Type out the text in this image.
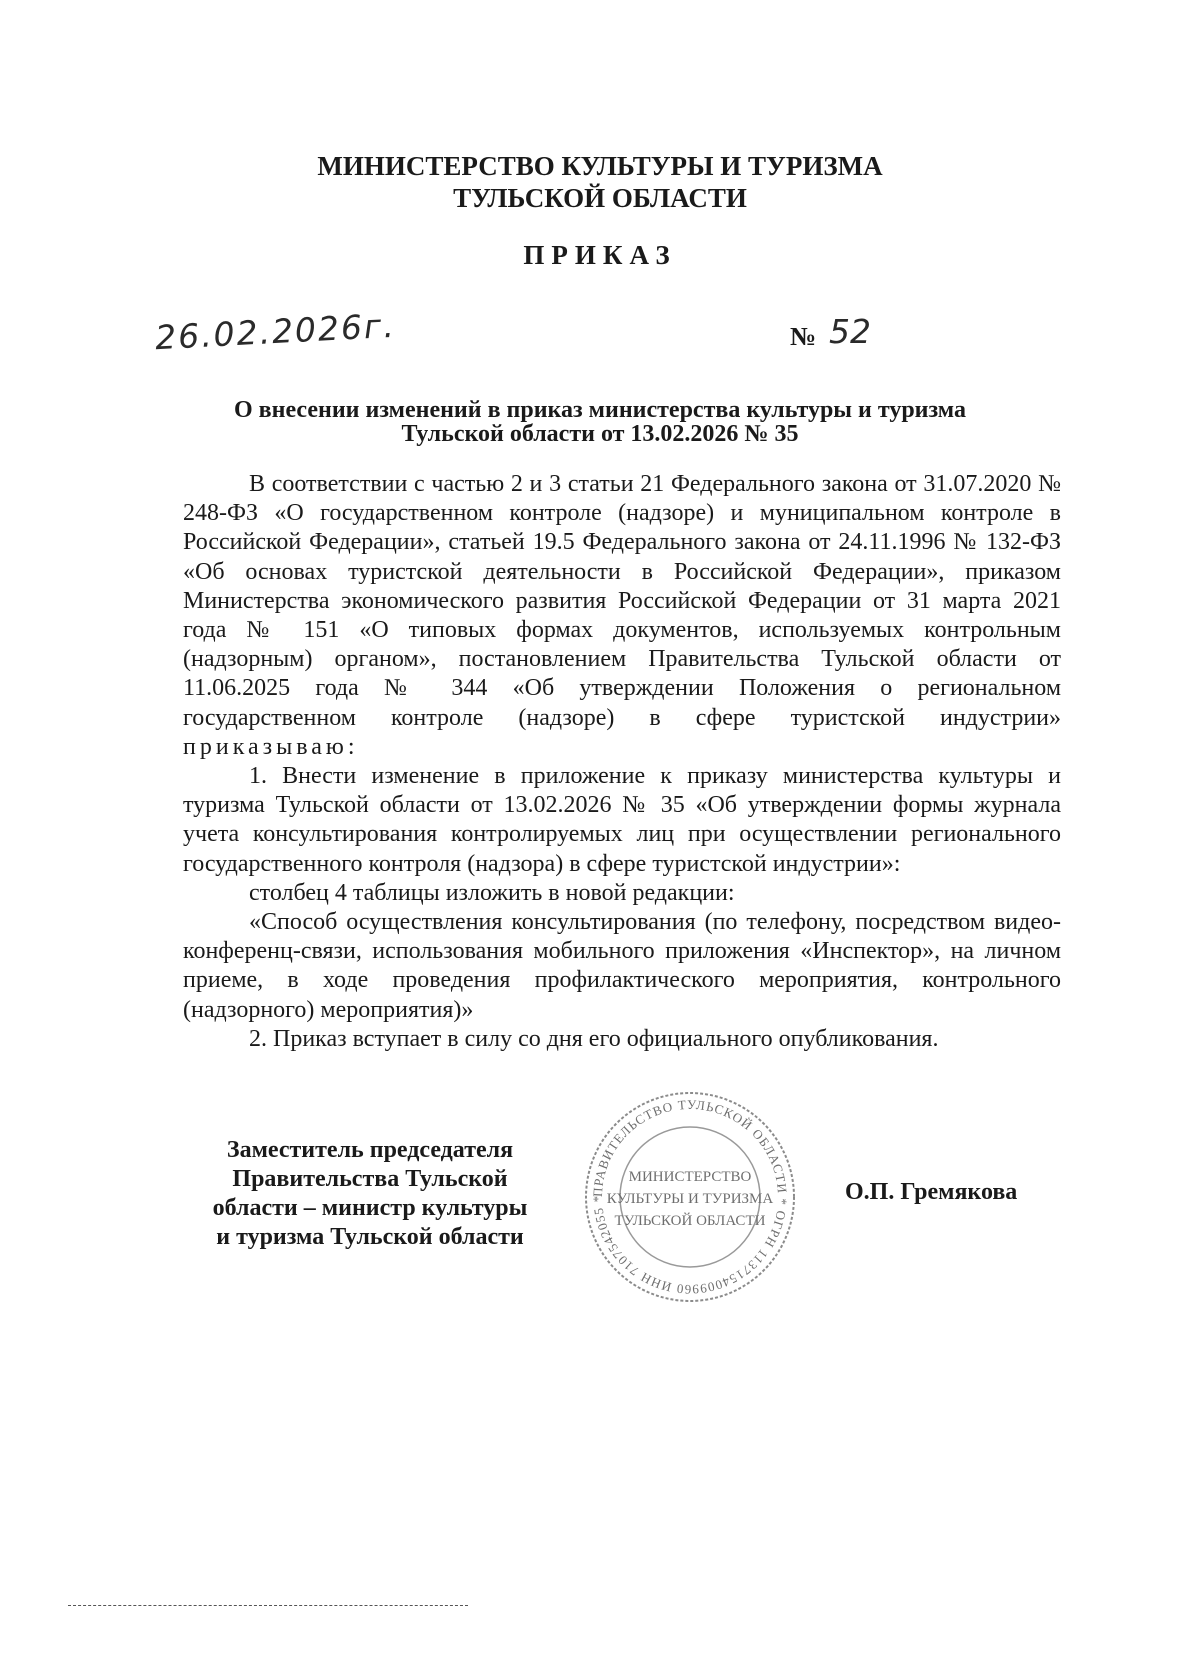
МИНИСТЕРСТВО КУЛЬТУРЫ И ТУРИЗМА
ТУЛЬСКОЙ ОБЛАСТИ
ПРИКАЗ
26.02.2026г.	№ 52
О внесении изменений в приказ министерства культуры и туризма
Тульской области от 13.02.2026 № 35

В соответствии с частью 2 и 3 статьи 21 Федерального закона от 31.07.2020 № 248-ФЗ «О государственном контроле (надзоре) и муниципальном контроле в Российской Федерации», статьей 19.5 Федерального закона от 24.11.1996 № 132-ФЗ «Об основах туристской деятельности в Российской Федерации», приказом Министерства экономического развития Российской Федерации от 31 марта 2021 года № 151 «О типовых формах документов, используемых контрольным (надзорным) органом», постановлением Правительства Тульской области от 11.06.2025 года № 344 «Об утверждении Положения о региональном государственном контроле (надзоре) в сфере туристской индустрии» приказываю:

1. Внести изменение в приложение к приказу министерства культуры и туризма Тульской области от 13.02.2026 № 35 «Об утверждении формы журнала учета консультирования контролируемых лиц при осуществлении регионального государственного контроля (надзора) в сфере туристской индустрии»:

столбец 4 таблицы изложить в новой редакции:

«Способ осуществления консультирования (по телефону, посредством видео-конференц-связи, использования мобильного приложения «Инспектор», на личном приеме, в ходе проведения профилактического мероприятия, контрольного (надзорного) мероприятия)»

2. Приказ вступает в силу со дня его официального опубликования.

Заместитель председателя
Правительства Тульской
области – министр культуры
и туризма Тульской области
ПРАВИТЕЛЬСТВО ТУЛЬСКОЙ ОБЛАСТИ * ОГРН 1137154009960 ИНН 7107542055 *
МИНИСТЕРСТВО
КУЛЬТУРЫ И ТУРИЗМА
ТУЛЬСКОЙ ОБЛАСТИ
О.П. Гремякова
